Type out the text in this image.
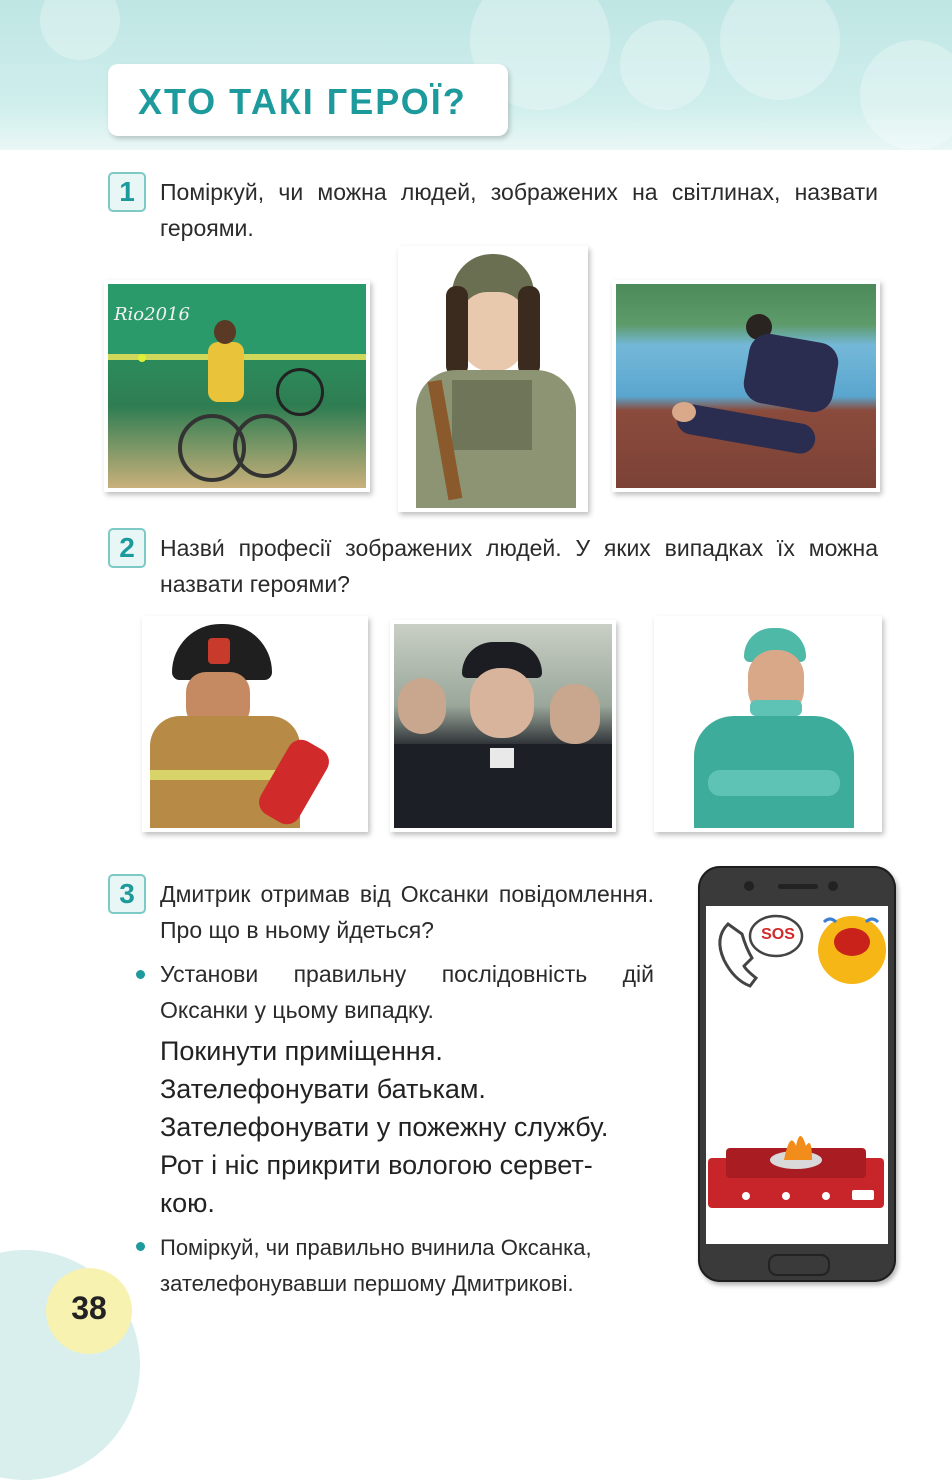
ХТО ТАКІ ГЕРОЇ?
1	Поміркуй, чи можна людей, зображених на світлинах, назвати героями.
Rio2016
2	Назви́ професії зображених людей. У яких випадках їх можна назвати героями?
3	Дмитрик отримав від Оксанки повідомлення. Про що в ньому йдеться?
Установи правильну послідовність дій Оксанки у цьому випадку.
Покинути приміщення.
Зателефонувати батькам.
Зателефонувати у пожежну службу.
Рот і ніс прикрити вологою сервет-
кою.
Поміркуй, чи правильно вчинила Оксанка, зателефонувавши першому Дмитрикові.
SOS
38
